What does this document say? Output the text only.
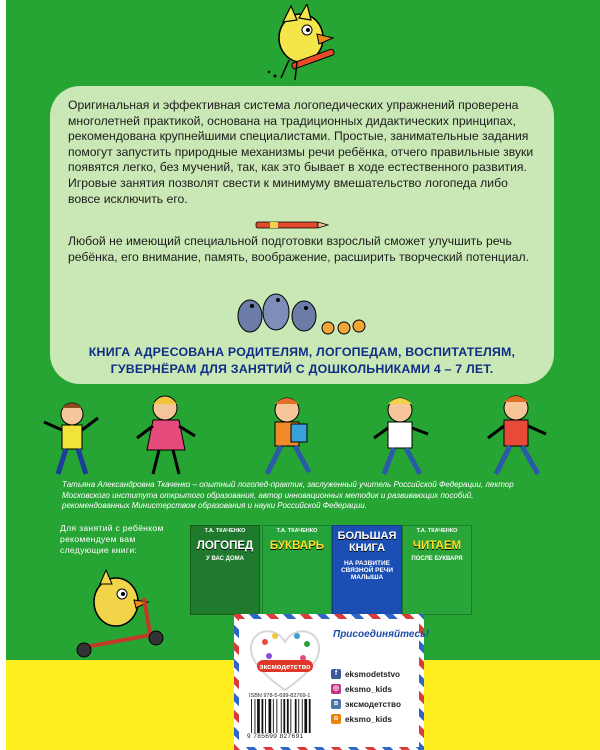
Оригинальная и эффективная система логопедических упражнений проверена многолетней практикой, основана на традиционных дидактических принципах, рекомендована крупнейшими специалистами. Простые, занимательные задания помогут запустить природные механизмы речи ребёнка, отчего правильные звуки появятся легко, без мучений, так, как это бывает в ходе естественного развития. Игровые занятия позволят свести к минимуму вмешательство логопеда либо вовсе исключить его.

Любой не имеющий специальной подготовки взрослый сможет улучшить речь ребёнка, его внимание, память, воображение, расширить творческий потенциал.

КНИГА АДРЕСОВАНА РОДИТЕЛЯМ, ЛОГОПЕДАМ, ВОСПИТАТЕЛЯМ,
ГУВЕРНЁРАМ ДЛЯ ЗАНЯТИЙ С ДОШКОЛЬНИКАМИ 4 – 7 ЛЕТ.

Татьяна Александровна Ткаченко – опытный логопед-практик, заслуженный учитель Российской Федерации, лектор Московского института открытого образования, автор инновационных методик и развивающих пособий, рекомендованных Министерством образования и науки Российской Федерации.

Для занятий с ребёнком рекомендуем вам следующие книги:

Т.А. ТКАЧЕНКО
ЛОГОПЕД
У ВАС ДОМА
Т.А. ТКАЧЕНКО
БУКВАРЬ
БОЛЬШАЯ КНИГА
НА РАЗВИТИЕ СВЯЗНОЙ РЕЧИ МАЛЫША
Т.А. ТКАЧЕНКО
ЧИТАЕМ
ПОСЛЕ БУКВАРЯ
эксмодетство

Присоединяйтесь!

f eksmodetstvo
◎ eksmo_kids
в эксмодетство
о eksmo_kids
ISBN 978-5-699-82769-1
9 785699 827691
